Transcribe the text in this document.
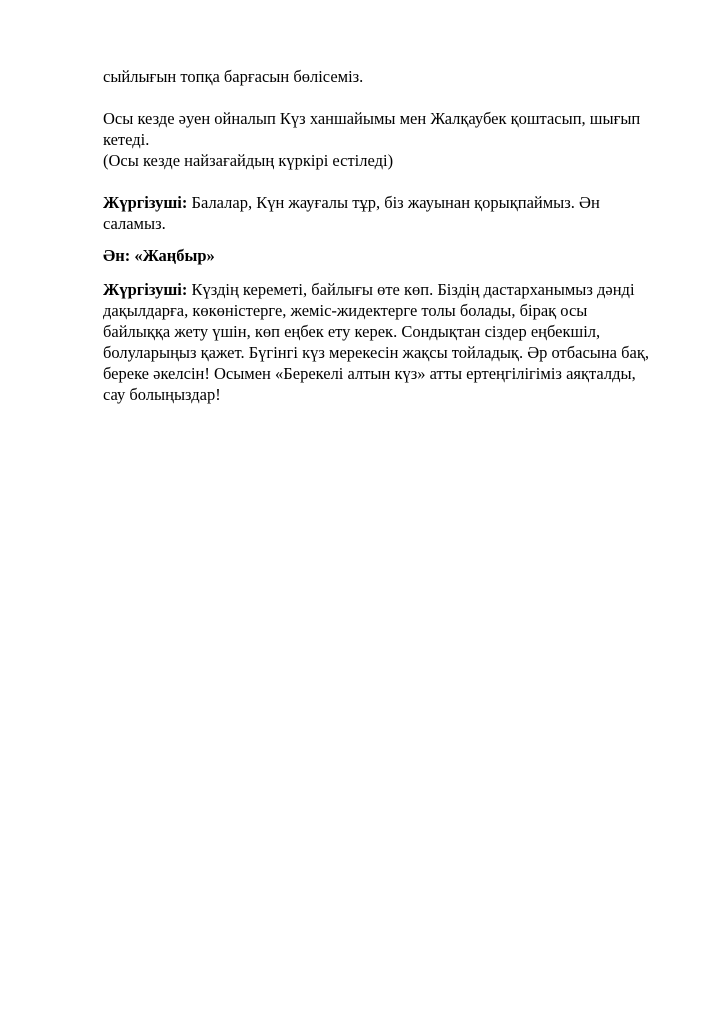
сыйлығын топқа барғасын бөлісеміз.

Осы кезде әуен ойналып Күз ханшайымы мен Жалқаубек қоштасып, шығып
кетеді.
(Осы кезде найзағайдың күркірі естіледі)

Жүргізуші: Балалар, Күн жауғалы тұр, біз жауынан қорықпаймыз. Ән
саламыз.

Ән: «Жаңбыр»

Жүргізуші: Күздің кереметі, байлығы өте көп. Біздің дастарханымыз дәнді
дақылдарға, көкөністерге, жеміс-жидектерге толы болады, бірақ осы
байлыққа жету үшін, көп еңбек ету керек. Сондықтан сіздер еңбекшіл,
болуларыңыз қажет. Бүгінгі күз мерекесін жақсы тойладық. Әр отбасына бақ,
береке әкелсін! Осымен «Берекелі алтын күз» атты ертеңгілігіміз аяқталды,
сау болыңыздар!
